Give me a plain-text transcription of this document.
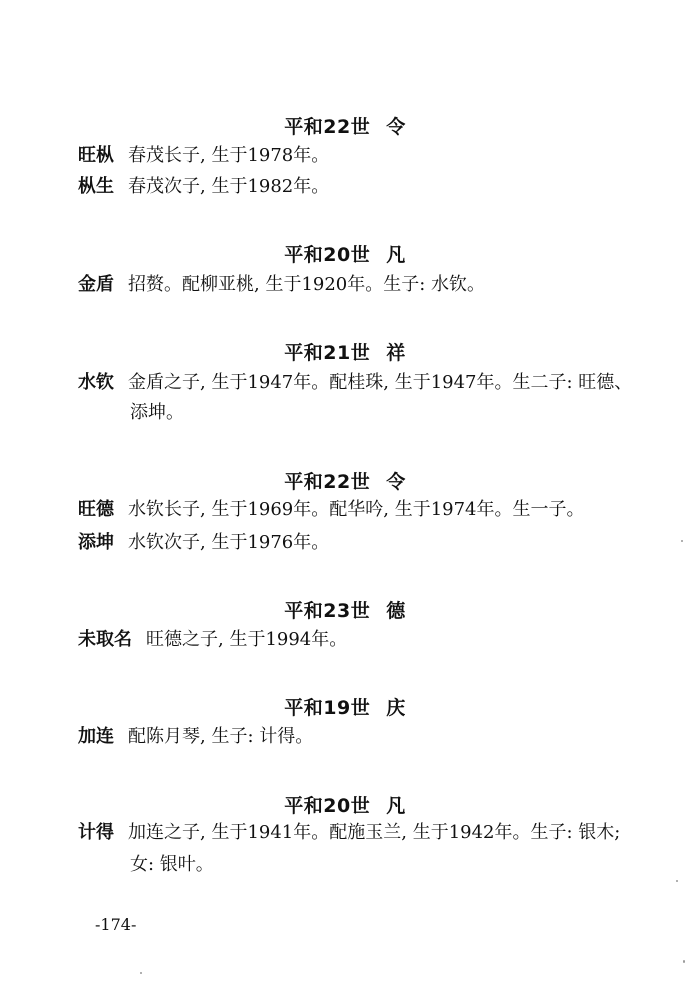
平和22世 令
旺枞 春茂长子, 生于1978年。
枞生 春茂次子, 生于1982年。
平和20世 凡
金盾 招赘。配柳亚桃, 生于1920年。生子: 水钦。
平和21世 祥
水钦 金盾之子, 生于1947年。配桂珠, 生于1947年。生二子: 旺德、
添坤。
平和22世 令
旺德 水钦长子, 生于1969年。配华吟, 生于1974年。生一子。
添坤 水钦次子, 生于1976年。
平和23世 德
未取名 旺德之子, 生于1994年。
平和19世 庆
加连 配陈月琴, 生子: 计得。
平和20世 凡
计得 加连之子, 生于1941年。配施玉兰, 生于1942年。生子: 银木;
女: 银叶。
-174-
